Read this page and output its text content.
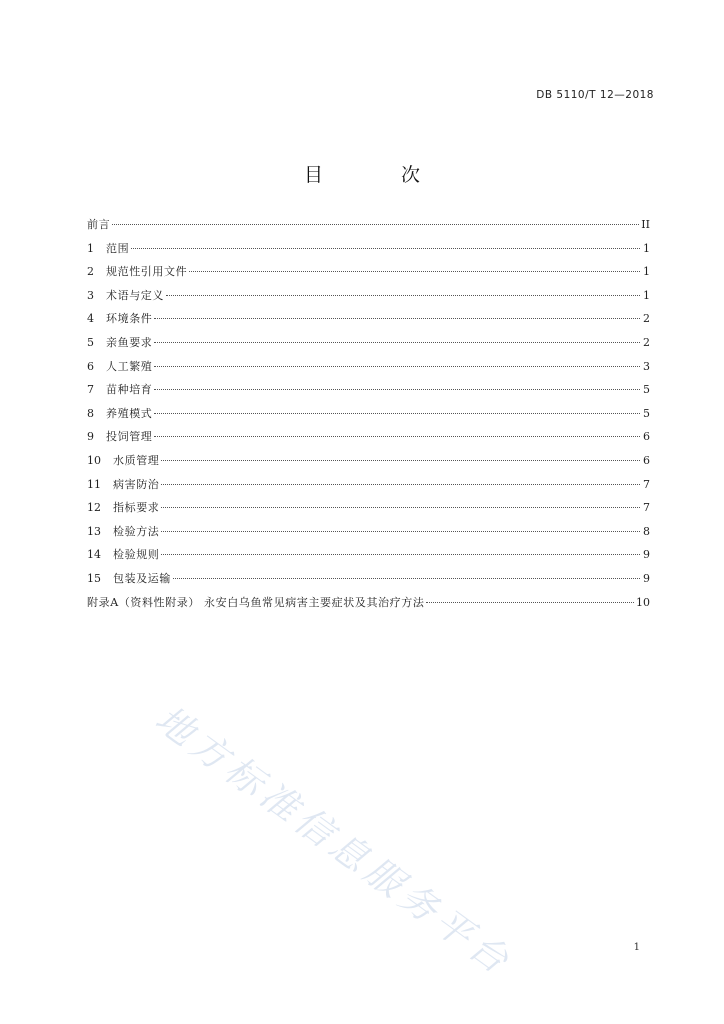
DB 5110/T 12—2018
目 次
前言	II
1	范围	1
2	规范性引用文件	1
3	术语与定义	1
4	环境条件	2
5	亲鱼要求	2
6	人工繁殖	3
7	苗种培育	5
8	养殖模式	5
9	投饲管理	6
10	水质管理	6
11	病害防治	7
12	指标要求	7
13	检验方法	8
14	检验规则	9
15	包装及运输	9
附录A（资料性附录） 永安白乌鱼常见病害主要症状及其治疗方法	10
地方标准信息服务平台	1
